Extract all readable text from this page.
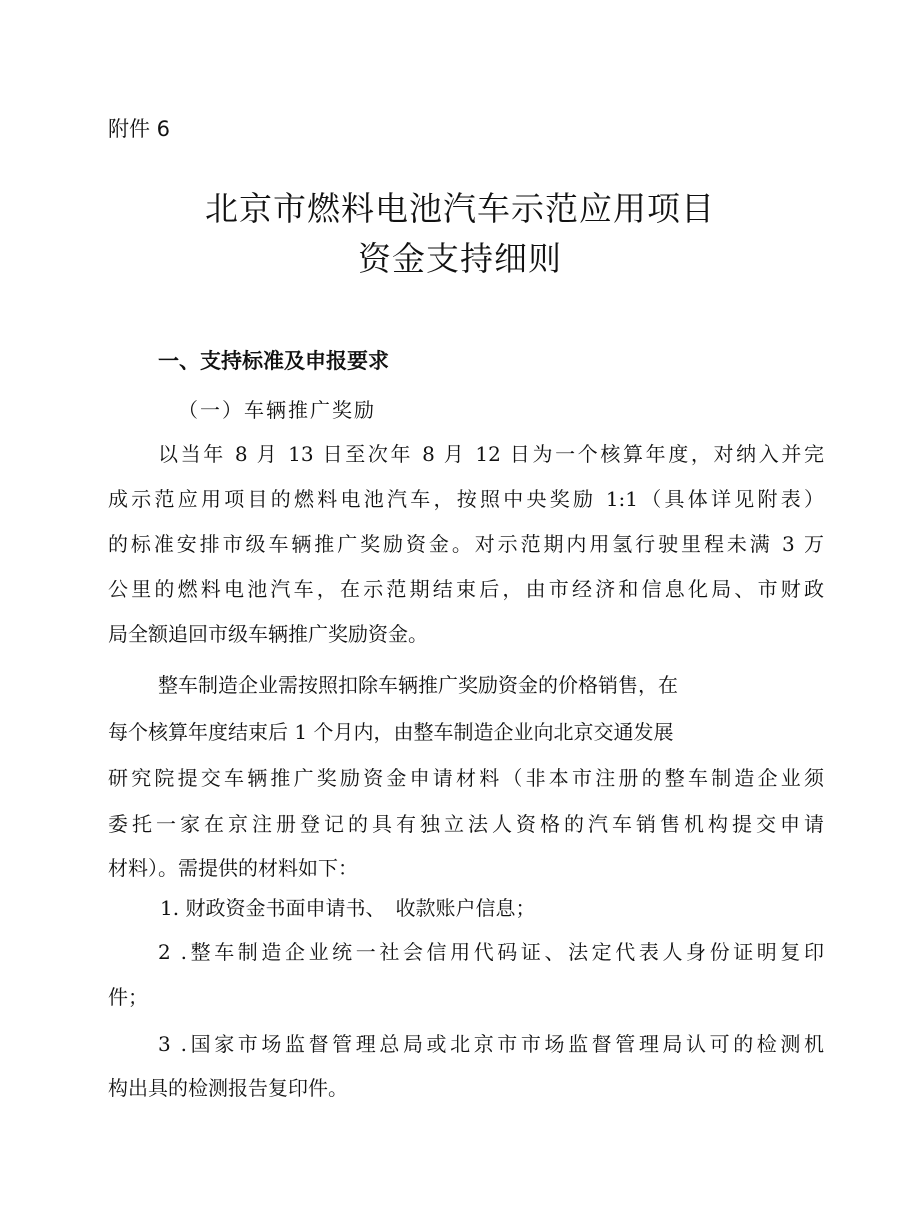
附件 6
北京市燃料电池汽车示范应用项目
资金支持细则
一、支持标准及申报要求
（一）车辆推广奖励
以当年 8 月 13 日至次年 8 月 12 日为一个核算年度，对纳入并完
成示范应用项目的燃料电池汽车，按照中央奖励 1:1（具体详见附表）
的标准安排市级车辆推广奖励资金。对示范期内用氢行驶里程未满 3 万
公里的燃料电池汽车，在示范期结束后，由市经济和信息化局、市财政
局全额追回市级车辆推广奖励资金。
整车制造企业需按照扣除车辆推广奖励资金的价格销售，在
每个核算年度结束后 1 个月内，由整车制造企业向北京交通发展
研究院提交车辆推广奖励资金申请材料（非本市注册的整车制造企业须
委托一家在京注册登记的具有独立法人资格的汽车销售机构提交申请
材料）。需提供的材料如下：
1. 财政资金书面申请书、　收款账户信息；
2 .整车制造企业统一社会信用代码证、法定代表人身份证明复印
件；
3 .国家市场监督管理总局或北京市市场监督管理局认可的检测机
构出具的检测报告复印件。
